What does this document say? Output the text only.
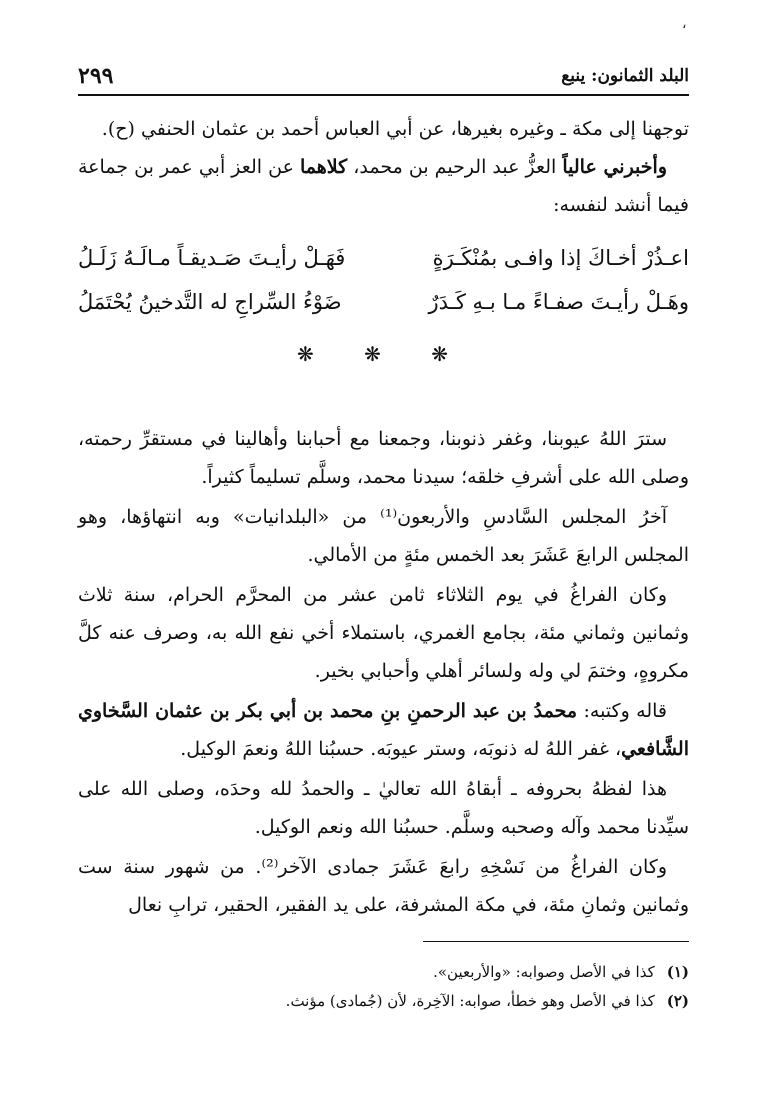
،
٢٩٩	البلد الثمانون: ينبع

توجهنا إلى مكة ـ وغيره بغيرها، عن أبي العباس أحمد بن عثمان الحنفي (ح).

وأخبرني عالياً العزُّ عبد الرحيم بن محمد، كلاهما عن العز أبي عمر بن جماعة فيما أنشد لنفسه:

اعـذُرْ أخـاكَ إذا وافـى بمُنْكَـرَةٍ
فَهَـلْ رأيـتَ صَـديقـاً مـالَـهُ زَلَـلُ
وهَـلْ رأيـتَ صفـاءً مـا بـهِ كَـدَرٌ
ضَوْءُ السِّراجِ له التَّدخينُ يُحْتَمَلُ
❋ ❋ ❋

سترَ اللهُ عيوبنا، وغفر ذنوبنا، وجمعنا مع أحبابنا وأهالينا في مستقرِّ رحمته، وصلى الله على أشرفِ خلقه؛ سيدنا محمد، وسلَّم تسليماً كثيراً.

آخرُ المجلس السَّادسِ والأربعون⁽¹⁾ من «البلدانيات» وبه انتهاؤها، وهو المجلس الرابعَ عَشَرَ بعد الخمس مئةٍ من الأمالي.

وكان الفراغُ في يوم الثلاثاء ثامن عشر من المحرَّم الحرام، سنة ثلاث وثمانين وثماني مئة، بجامع الغمري، باستملاء أخي نفع الله به، وصرف عنه كلَّ مكروهٍ، وختمَ لي وله ولسائر أهلي وأحبابي بخير.

قاله وكتبه: محمدُ بن عبد الرحمنِ بنِ محمد بن أبي بكر بن عثمان السَّخاوي الشَّافعي، غفر اللهُ له ذنوبَه، وستر عيوبَه. حسبُنا اللهُ ونعمَ الوكيل.

هذا لفظهُ بحروفه ـ أبقاهُ الله تعاليٰ ـ والحمدُ لله وحدَه، وصلى الله على سيِّدنا محمد وآله وصحبه وسلَّم. حسبُنا الله ونعم الوكيل.

وكان الفراغُ من نَسْخِهِ رابعَ عَشَرَ جمادى الآخر⁽²⁾. من شهور سنة ست وثمانين وثمانِ مئة، في مكة المشرفة، على يد الفقير، الحقير، ترابِ نعال

(١)
كذا في الأصل وصوابه: «والأربعين».
(٢)
كذا في الأصل وهو خطأ، صوابه: الآخِرة، لأن (جُمادى) مؤنث.
